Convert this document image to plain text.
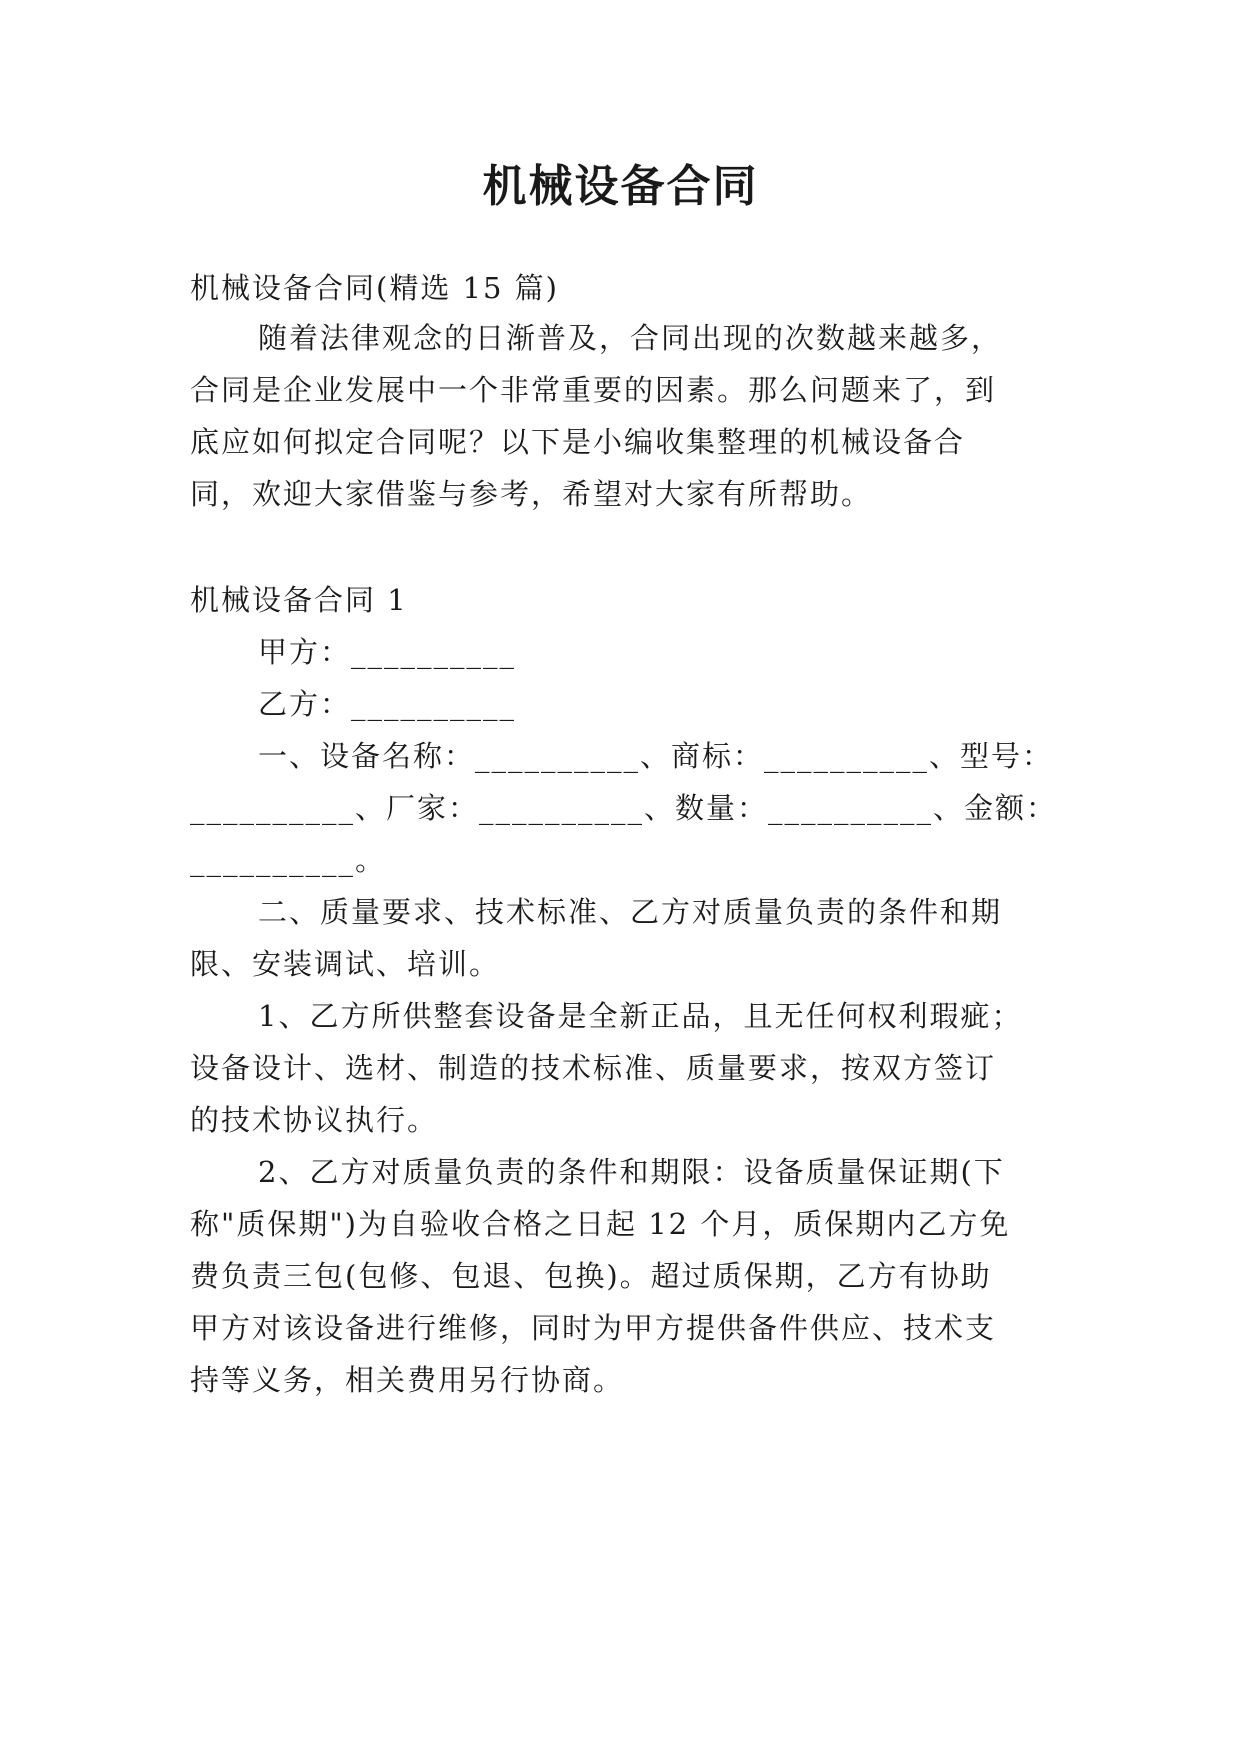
机械设备合同
机械设备合同(精选 15 篇)
随着法律观念的日渐普及，合同出现的次数越来越多，
合同是企业发展中一个非常重要的因素。那么问题来了，到
底应如何拟定合同呢？以下是小编收集整理的机械设备合
同，欢迎大家借鉴与参考，希望对大家有所帮助。
机械设备合同 1
甲方：__________
乙方：__________
一、设备名称：__________、商标：__________、型号：
__________、厂家：__________、数量：__________、金额：
__________。
二、质量要求、技术标准、乙方对质量负责的条件和期
限、安装调试、培训。
1、乙方所供整套设备是全新正品，且无任何权利瑕疵；
设备设计、选材、制造的技术标准、质量要求，按双方签订
的技术协议执行。
2、乙方对质量负责的条件和期限：设备质量保证期(下
称"质保期")为自验收合格之日起 12 个月，质保期内乙方免
费负责三包(包修、包退、包换)。超过质保期，乙方有协助
甲方对该设备进行维修，同时为甲方提供备件供应、技术支
持等义务，相关费用另行协商。
